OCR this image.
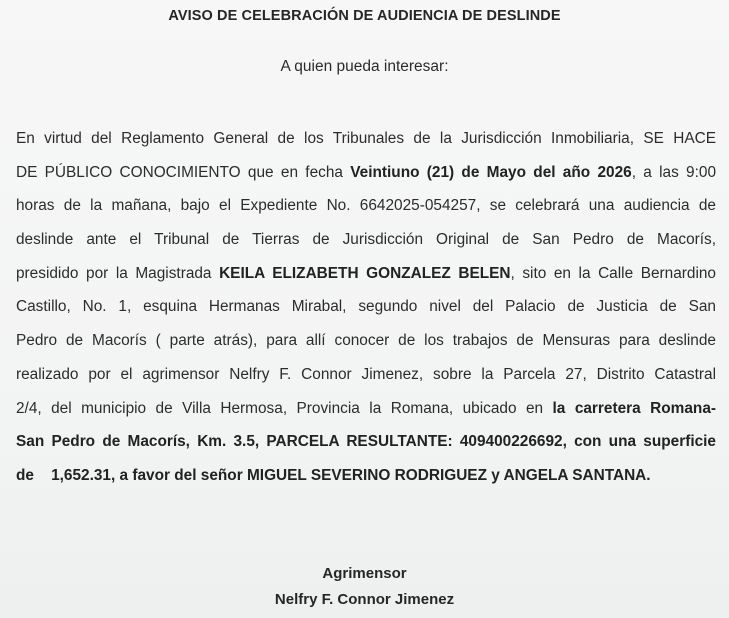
AVISO DE CELEBRACIÓN DE AUDIENCIA DE DESLINDE
A quien pueda interesar:
En virtud del Reglamento General de los Tribunales de la Jurisdicción Inmobiliaria, SE HACE
DE PÚBLICO CONOCIMIENTO que en fecha Veintiuno (21) de Mayo del año 2026, a las 9:00
horas de la mañana, bajo el Expediente No. 6642025-054257, se celebrará una audiencia de
deslinde ante el Tribunal de Tierras de Jurisdicción Original de San Pedro de Macorís,
presidido por la Magistrada KEILA ELIZABETH GONZALEZ BELEN, sito en la Calle Bernardino
Castillo, No. 1, esquina Hermanas Mirabal, segundo nivel del Palacio de Justicia de San
Pedro de Macorís ( parte atrás), para allí conocer de los trabajos de Mensuras para deslinde
realizado por el agrimensor Nelfry F. Connor Jimenez, sobre la Parcela 27, Distrito Catastral
2/4, del municipio de Villa Hermosa, Provincia la Romana, ubicado en la carretera Romana-
San Pedro de Macorís, Km. 3.5, PARCELA RESULTANTE: 409400226692, con una superficie
de    1,652.31, a favor del señor MIGUEL SEVERINO RODRIGUEZ y ANGELA SANTANA.
Agrimensor
Nelfry F. Connor Jimenez
